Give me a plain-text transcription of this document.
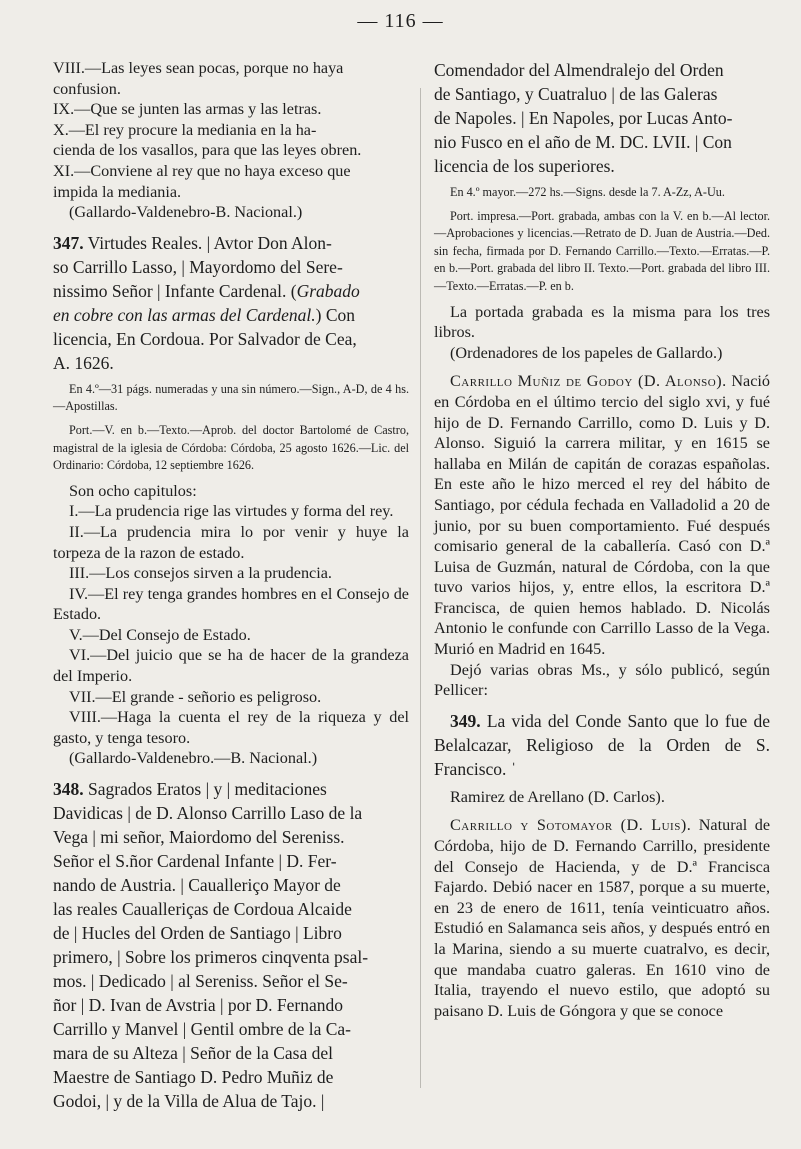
— 116 —

VIII.—Las leyes sean pocas, porque no haya
confusion.

IX.—Que se junten las armas y las letras.

X.—El rey procure la mediania en la ha-
cienda de los vasallos, para que las leyes obren.

XI.—Conviene al rey que no haya exceso que
impida la mediania.

(Gallardo-Valdenebro-B. Nacional.)

347. Virtudes Reales. | Avtor Don Alon-
so Carrillo Lasso, | Mayordomo del Sere-
nissimo Señor | Infante Cardenal. (Grabado
en cobre con las armas del Cardenal.) Con
licencia, En Cordoua. Por Salvador de Cea,
A. 1626.

En 4.º—31 págs. numeradas y una sin número.—Sign., A-D, de 4 hs.—Apostillas.

Port.—V. en b.—Texto.—Aprob. del doctor Bartolomé de Castro, magistral de la iglesia de Córdoba: Córdoba, 25 agosto 1626.—Lic. del Ordinario: Córdoba, 12 septiembre 1626.

Son ocho capitulos:

I.—La prudencia rige las virtudes y forma del rey.

II.—La prudencia mira lo por venir y huye la torpeza de la razon de estado.

III.—Los consejos sirven a la prudencia.

IV.—El rey tenga grandes hombres en el Consejo de Estado.

V.—Del Consejo de Estado.

VI.—Del juicio que se ha de hacer de la grandeza del Imperio.

VII.—El grande - señorio es peligroso.

VIII.—Haga la cuenta el rey de la riqueza y del gasto, y tenga tesoro.

(Gallardo-Valdenebro.—B. Nacional.)

348. Sagrados Eratos | y | meditaciones
Davidicas | de D. Alonso Carrillo Laso de la
Vega | mi señor, Maiordomo del Sereniss.
Señor el S.ñor Cardenal Infante | D. Fer-
nando de Austria. | Caualleriço Mayor de
las reales Caualleriças de Cordoua Alcaide
de | Hucles del Orden de Santiago | Libro
primero, | Sobre los primeros cinqventa psal-
mos. | Dedicado | al Sereniss. Señor el Se-
ñor | D. Ivan de Avstria | por D. Fernando
Carrillo y Manvel | Gentil ombre de la Ca-
mara de su Alteza | Señor de la Casa del
Maestre de Santiago D. Pedro Muñiz de
Godoi, | y de la Villa de Alua de Tajo. |

Comendador del Almendralejo del Orden
de Santiago, y Cuatraluo | de las Galeras
de Napoles. | En Napoles, por Lucas Anto-
nio Fusco en el año de M. DC. LVII. | Con
licencia de los superiores.

En 4.º mayor.—272 hs.—Signs. desde la 7. A-Zz, A-Uu.

Port. impresa.—Port. grabada, ambas con la V. en b.—Al lector.—Aprobaciones y licencias.—Retrato de D. Juan de Austria.—Ded. sin fecha, firmada por D. Fernando Carrillo.—Texto.—Erratas.—P. en b.—Port. grabada del libro II. Texto.—Port. grabada del libro III.—Texto.—Erratas.—P. en b.

La portada grabada es la misma para los tres libros.

(Ordenadores de los papeles de Gallardo.)

Carrillo Muñiz de Godoy (D. Alonso). Nació en Córdoba en el último tercio del siglo xvi, y fué hijo de D. Fernando Carrillo, como D. Luis y D. Alonso. Siguió la carrera militar, y en 1615 se hallaba en Milán de capitán de corazas españolas. En este año le hizo merced el rey del hábito de Santiago, por cédula fechada en Valladolid a 20 de junio, por su buen comportamiento. Fué después comisario general de la caballería. Casó con D.ª Luisa de Guzmán, natural de Córdoba, con la que tuvo varios hijos, y, entre ellos, la escritora D.ª Francisca, de quien hemos hablado. D. Nicolás Antonio le confunde con Carrillo Lasso de la Vega. Murió en Madrid en 1645.

Dejó varias obras Ms., y sólo publicó, según Pellicer:

349. La vida del Conde Santo que lo fue de Belalcazar, Religioso de la Orden de S. Francisco. ˈ

Ramirez de Arellano (D. Carlos).

Carrillo y Sotomayor (D. Luis). Natural de Córdoba, hijo de D. Fernando Carrillo, presidente del Consejo de Hacienda, y de D.ª Francisca Fajardo. Debió nacer en 1587, porque a su muerte, en 23 de enero de 1611, tenía veinticuatro años. Estudió en Salamanca seis años, y después entró en la Marina, siendo a su muerte cuatralvo, es decir, que mandaba cuatro galeras. En 1610 vino de Italia, trayendo el nuevo estilo, que adoptó su paisano D. Luis de Góngora y que se conoce
